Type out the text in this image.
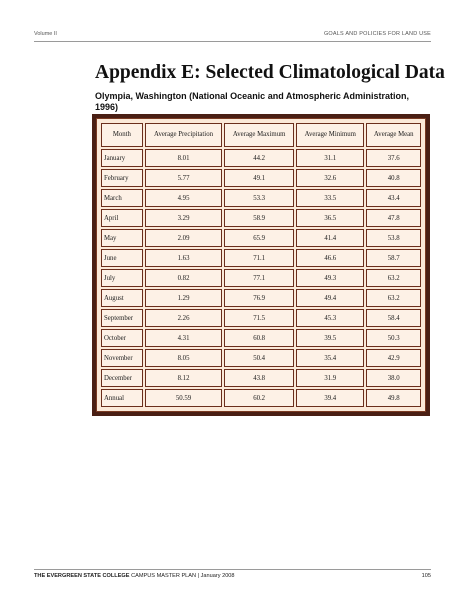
Volume II	GOALS AND POLICIES FOR LAND USE
Appendix E: Selected Climatological Data
Olympia, Washington (National Oceanic and Atmospheric Administration, 1996)
Month	Average Precipitation	Average Maximum	Average Minimum	Average Mean
January	8.01	44.2	31.1	37.6
February	5.77	49.1	32.6	40.8
March	4.95	53.3	33.5	43.4
April	3.29	58.9	36.5	47.8
May	2.09	65.9	41.4	53.8
June	1.63	71.1	46.6	58.7
July	0.82	77.1	49.3	63.2
August	1.29	76.9	49.4	63.2
September	2.26	71.5	45.3	58.4
October	4.31	60.8	39.5	50.3
November	8.05	50.4	35.4	42.9
December	8.12	43.8	31.9	38.0
Annual	50.59	60.2	39.4	49.8
THE EVERGREEN STATE COLLEGE CAMPUS MASTER PLAN | January 2008	105
